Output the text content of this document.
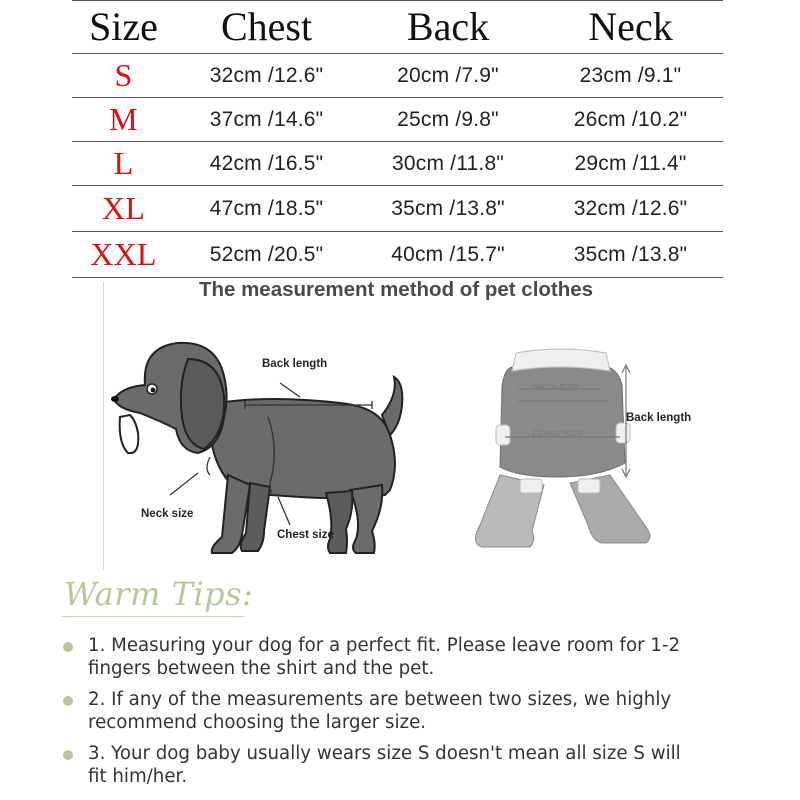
Size	Chest	Back	Neck
S	32cm /12.6"	20cm /7.9"	23cm /9.1"
M	37cm /14.6"	25cm /9.8"	26cm /10.2"
L	42cm /16.5"	30cm /11.8"	29cm /11.4"
XL	47cm /18.5"	35cm /13.8"	32cm /12.6"
XXL	52cm /20.5"	40cm /15.7"	35cm /13.8"
The measurement method of pet clothes
Back length
Neck size
Chest size
Neck size
Chest size
Back length
Warm Tips:
1. Measuring your dog for a perfect fit. Please leave room for 1-2
fingers between the shirt and the pet.
2. If any of the measurements are between two sizes, we highly
recommend choosing the larger size.
3. Your dog baby usually wears size S doesn't mean all size S will
fit him/her.
